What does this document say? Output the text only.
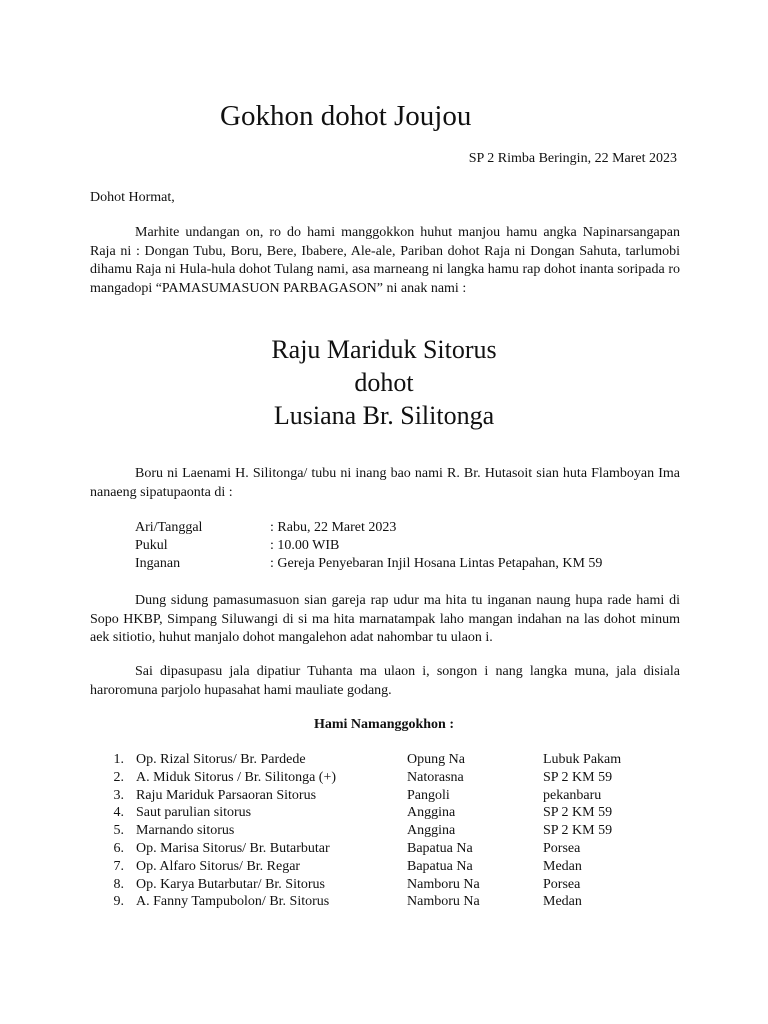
Gokhon dohot Joujou
SP 2 Rimba Beringin, 22 Maret 2023
Dohot Hormat,

Marhite undangan on, ro do hami manggokkon huhut manjou hamu angka Napinarsangapan Raja ni : Dongan Tubu, Boru, Bere, Ibabere, Ale-ale, Pariban dohot Raja ni Dongan Sahuta, tarlumobi dihamu Raja ni Hula-hula dohot Tulang nami, asa marneang ni langka hamu rap dohot inanta soripada ro mangadopi “PAMASUMASUON PARBAGASON” ni anak nami :

Raju Mariduk Sitorus
dohot
Lusiana Br. Silitonga

Boru ni Laenami H. Silitonga/ tubu ni inang bao nami R. Br. Hutasoit sian huta Flamboyan Ima nanaeng sipatupaonta di :

Ari/Tanggal	: Rabu, 22 Maret 2023
Pukul	: 10.00 WIB
Inganan	: Gereja Penyebaran Injil Hosana Lintas Petapahan, KM 59

Dung sidung pamasumasuon sian gareja rap udur ma hita tu inganan naung hupa rade hami di Sopo HKBP, Simpang Siluwangi di si ma hita marnatampak laho mangan indahan na las dohot minum aek sitiotio, huhut manjalo dohot mangalehon adat nahombar tu ulaon i.

Sai dipasupasu jala dipatiur Tuhanta ma ulaon i, songon i nang langka muna, jala disiala haroromuna parjolo hupasahat hami mauliate godang.

Hami Namanggokhon :
1. Op. Rizal Sitorus/ Br. Pardede	Opung Na	Lubuk Pakam
2. A. Miduk Sitorus / Br. Silitonga (+)	Natorasna	SP 2 KM 59
3. Raju Mariduk Parsaoran Sitorus	Pangoli	pekanbaru
4. Saut parulian sitorus	Anggina	SP 2 KM 59
5. Marnando sitorus	Anggina	SP 2 KM 59
6. Op. Marisa Sitorus/ Br. Butarbutar	Bapatua Na	Porsea
7. Op. Alfaro Sitorus/ Br. Regar	Bapatua Na	Medan
8. Op. Karya Butarbutar/ Br. Sitorus	Namboru Na	Porsea
9. A. Fanny Tampubolon/ Br. Sitorus	Namboru Na	Medan
